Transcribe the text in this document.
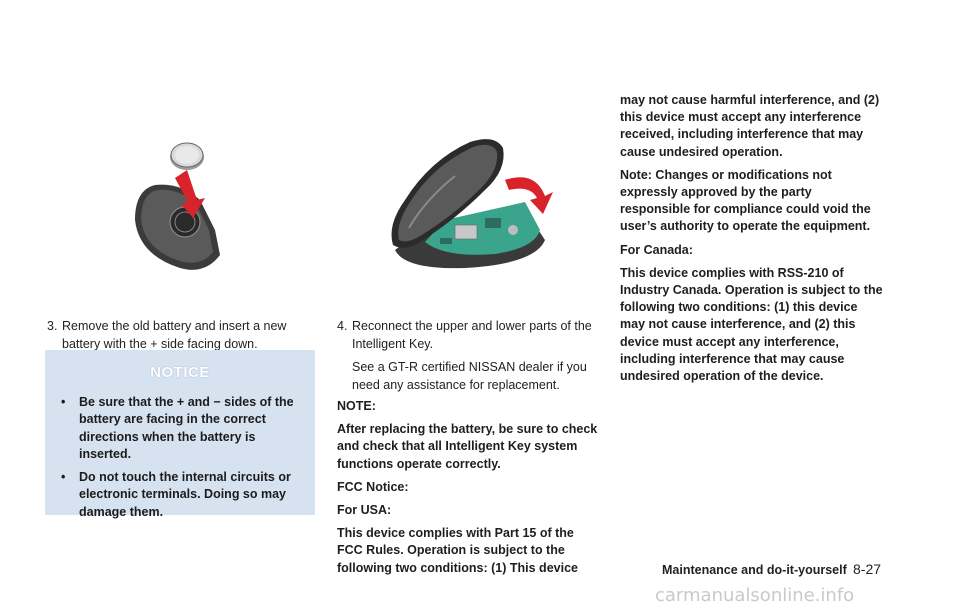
3. Remove the old battery and insert a new battery with the + side facing down.
NOTICE
• Be sure that the + and − sides of the battery are facing in the correct directions when the battery is inserted.
• Do not touch the internal circuits or electronic terminals. Doing so may damage them.
4. Reconnect the upper and lower parts of the Intelligent Key.
See a GT-R certified NISSAN dealer if you need any assistance for replacement.

NOTE:

After replacing the battery, be sure to check and check that all Intelligent Key system functions operate correctly.

FCC Notice:

For USA:

This device complies with Part 15 of the FCC Rules. Operation is subject to the following two conditions: (1) This device

may not cause harmful interference, and (2) this device must accept any interference received, including interference that may cause undesired operation.

Note: Changes or modifications not expressly approved by the party responsible for compliance could void the user’s authority to operate the equipment.

For Canada:

This device complies with RSS-210 of Industry Canada. Operation is subject to the following two conditions: (1) this device may not cause interference, and (2) this device must accept any interference, including interference that may cause undesired operation of the device.

Maintenance and do-it-yourself 8-27
carmanualsonline.info
